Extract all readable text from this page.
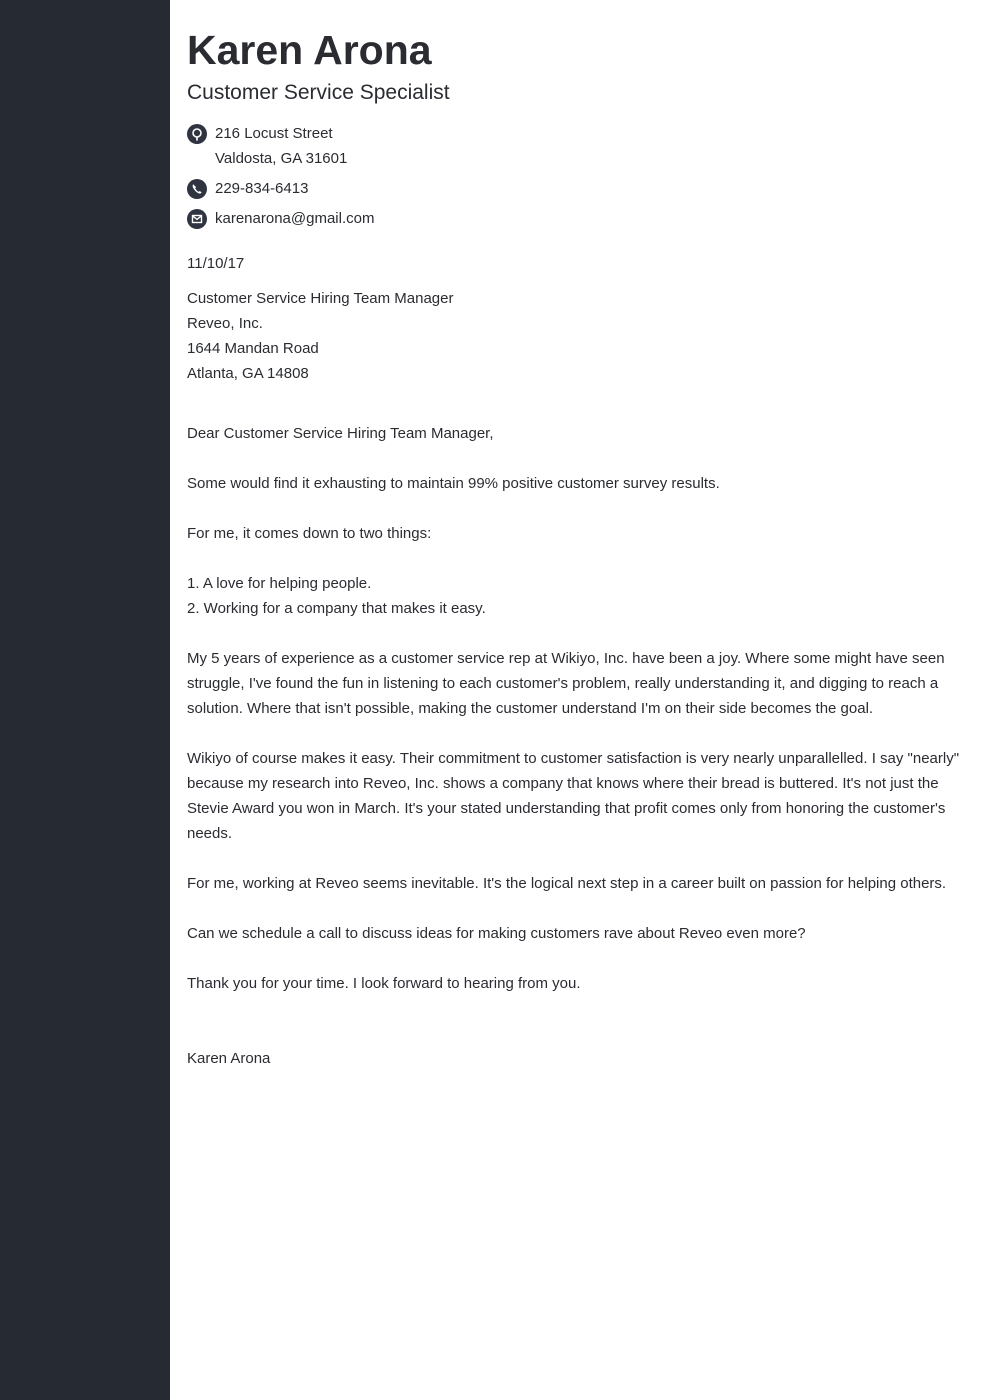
Karen Arona
Customer Service Specialist
216 Locust Street
Valdosta, GA 31601
229-834-6413
karenarona@gmail.com
11/10/17
Customer Service Hiring Team Manager
Reveo, Inc.
1644 Mandan Road
Atlanta, GA 14808

Dear Customer Service Hiring Team Manager,

Some would find it exhausting to maintain 99% positive customer survey results.

For me, it comes down to two things:

1. A love for helping people.
2. Working for a company that makes it easy.

My 5 years of experience as a customer service rep at Wikiyo, Inc. have been a joy. Where some might have seen struggle, I've found the fun in listening to each customer's problem, really understanding it, and digging to reach a solution. Where that isn't possible, making the customer understand I'm on their side becomes the goal.

Wikiyo of course makes it easy. Their commitment to customer satisfaction is very nearly unparallelled. I say "nearly" because my research into Reveo, Inc. shows a company that knows where their bread is buttered. It's not just the Stevie Award you won in March. It's your stated understanding that profit comes only from honoring the customer's needs.

For me, working at Reveo seems inevitable. It's the logical next step in a career built on passion for helping others.

Can we schedule a call to discuss ideas for making customers rave about Reveo even more?

Thank you for your time. I look forward to hearing from you.

Karen Arona
